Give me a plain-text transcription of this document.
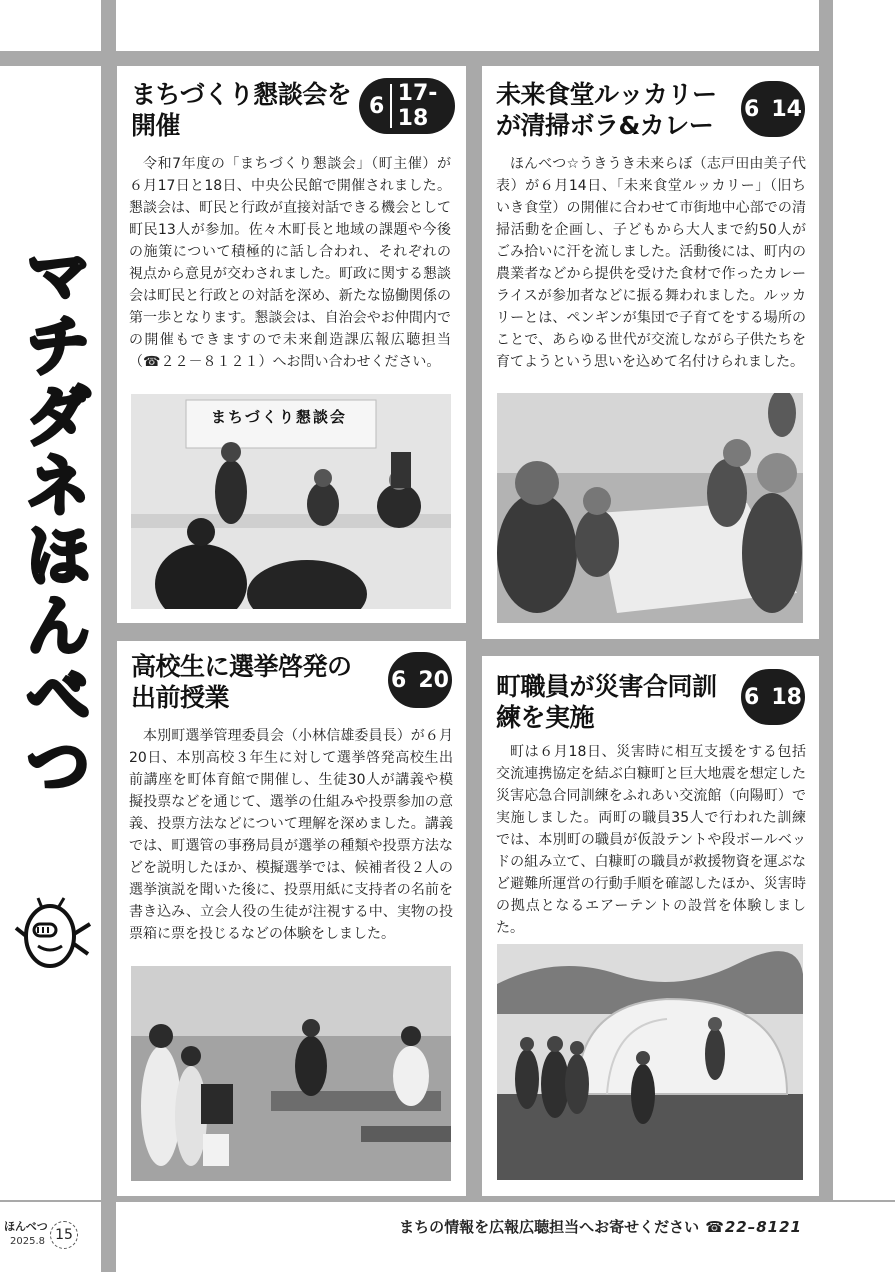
マチダネほんべつ
まちづくり懇談会を開催
6 17-18
令和7年度の「まちづくり懇談会」（町主催）が６月17日と18日、中央公民館で開催されました。懇談会は、町民と行政が直接対話できる機会として町民13人が参加。佐々木町長と地域の課題や今後の施策について積極的に話し合われ、それぞれの視点から意見が交わされました。町政に関する懇談会は町民と行政との対話を深め、新たな協働関係の第一歩となります。懇談会は、自治会やお仲間内での開催もできますので未来創造課広報広聴担当（☎２２－８１２１）へお問い合わせください。
まちづくり懇談会
未来食堂ルッカリーが清掃ボラ&カレー
6 14
ほんべつ☆うきうき未来らぼ（志戸田由美子代表）が６月14日、「未来食堂ルッカリー」（旧ちいき食堂）の開催に合わせて市街地中心部での清掃活動を企画し、子どもから大人まで約50人がごみ拾いに汗を流しました。活動後には、町内の農業者などから提供を受けた食材で作ったカレーライスが参加者などに振る舞われました。ルッカリーとは、ペンギンが集団で子育てをする場所のことで、あらゆる世代が交流しながら子供たちを育てようという思いを込めて名付けられました。
高校生に選挙啓発の出前授業
6 20
本別町選挙管理委員会（小林信雄委員長）が６月20日、本別高校３年生に対して選挙啓発高校生出前講座を町体育館で開催し、生徒30人が講義や模擬投票などを通じて、選挙の仕組みや投票参加の意義、投票方法などについて理解を深めました。講義では、町選管の事務局員が選挙の種類や投票方法などを説明したほか、模擬選挙では、候補者役２人の選挙演説を聞いた後に、投票用紙に支持者の名前を書き込み、立会人役の生徒が注視する中、実物の投票箱に票を投じるなどの体験をしました。
町職員が災害合同訓練を実施
6 18
町は６月18日、災害時に相互支援をする包括交流連携協定を結ぶ白糠町と巨大地震を想定した災害応急合同訓練をふれあい交流館（向陽町）で実施しました。両町の職員35人で行われた訓練では、本別町の職員が仮設テントや段ボールベッドの組み立て、白糠町の職員が救援物資を運ぶなど避難所運営の行動手順を確認したほか、災害時の拠点となるエアーテントの設営を体験しました。
ほんべつ
2025.8 15	まちの情報を広報広聴担当へお寄せください ☎22–8121
